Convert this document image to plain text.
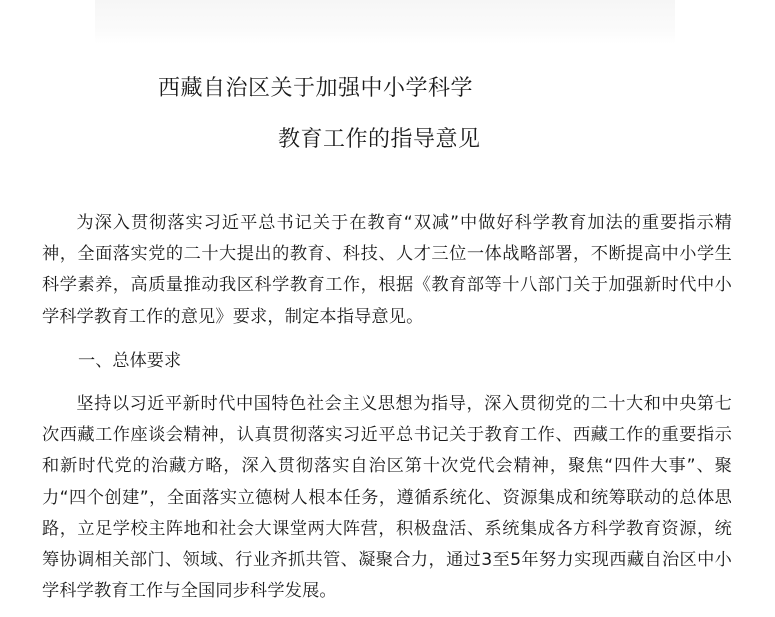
西藏自治区关于加强中小学科学
教育工作的指导意见

为深入贯彻落实习近平总书记关于在教育“双减”中做好科学教育加法的重要指示精神，全面落实党的二十大提出的教育、科技、人才三位一体战略部署，不断提高中小学生科学素养，高质量推动我区科学教育工作，根据《教育部等十八部门关于加强新时代中小学科学教育工作的意见》要求，制定本指导意见。

一、总体要求

坚持以习近平新时代中国特色社会主义思想为指导，深入贯彻党的二十大和中央第七次西藏工作座谈会精神，认真贯彻落实习近平总书记关于教育工作、西藏工作的重要指示和新时代党的治藏方略，深入贯彻落实自治区第十次党代会精神，聚焦“四件大事”、聚力“四个创建”，全面落实立德树人根本任务，遵循系统化、资源集成和统筹联动的总体思路，立足学校主阵地和社会大课堂两大阵营，积极盘活、系统集成各方科学教育资源，统筹协调相关部门、领域、行业齐抓共管、凝聚合力，通过3至5年努力实现西藏自治区中小学科学教育工作与全国同步科学发展。
